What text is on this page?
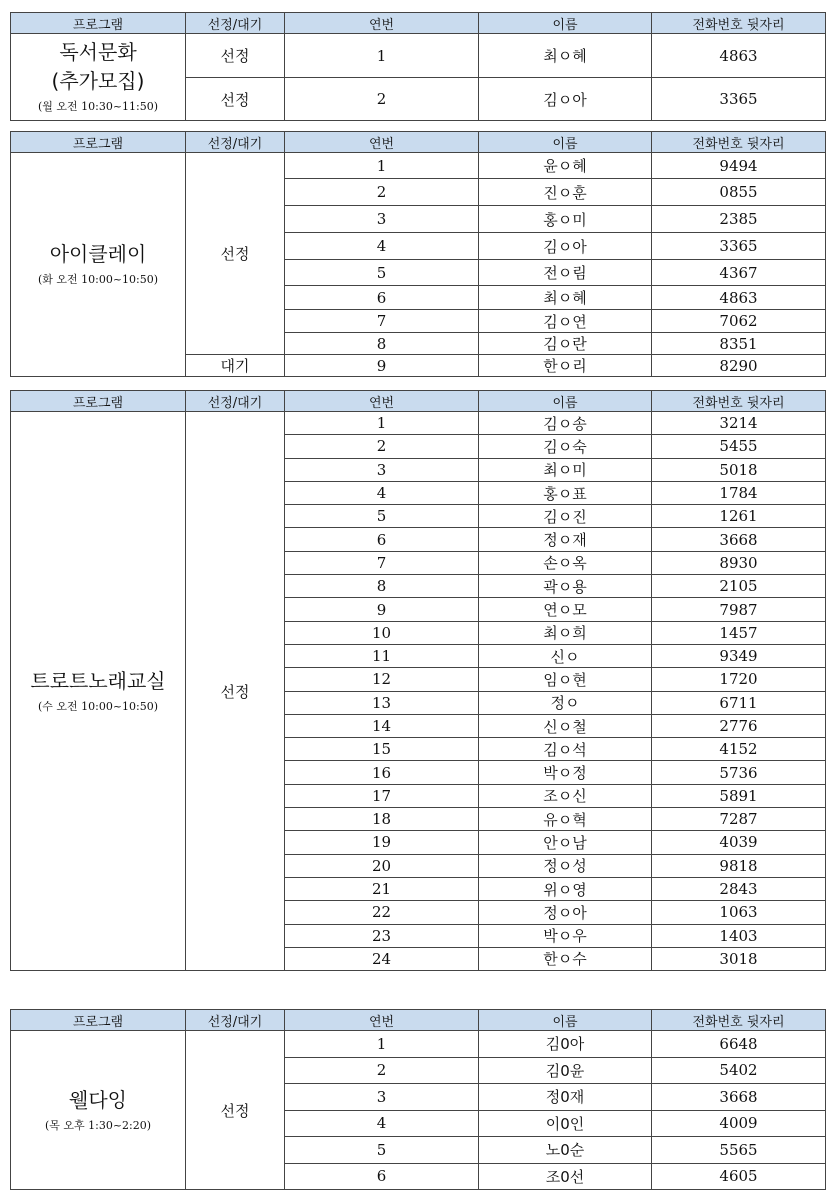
프로그램	선정/대기	연번	이름	전화번호 뒷자리

독서문화
(추가모집)
(월 오전 10:30~11:50)	선정	1	최ㅇ혜	4863
	선정	2	김ㅇ아	3365
프로그램	선정/대기	연번	이름	전화번호 뒷자리

아이클레이
(화 오전 10:00~10:50)	선정	1	윤ㅇ혜	9494
		2	진ㅇ훈	0855
		3	홍ㅇ미	2385
		4	김ㅇ아	3365
		5	전ㅇ림	4367
		6	최ㅇ혜	4863
		7	김ㅇ연	7062
		8	김ㅇ란	8351
	대기	9	한ㅇ리	8290
프로그램	선정/대기	연번	이름	전화번호 뒷자리

트로트노래교실
(수 오전 10:00~10:50)	선정	1	김ㅇ송	3214
		2	김ㅇ숙	5455
		3	최ㅇ미	5018
		4	홍ㅇ표	1784
		5	김ㅇ진	1261
		6	정ㅇ재	3668
		7	손ㅇ옥	8930
		8	곽ㅇ용	2105
		9	연ㅇ모	7987
		10	최ㅇ희	1457
		11	신ㅇ	9349
		12	임ㅇ현	1720
		13	정ㅇ	6711
		14	신ㅇ철	2776
		15	김ㅇ석	4152
		16	박ㅇ정	5736
		17	조ㅇ신	5891
		18	유ㅇ혁	7287
		19	안ㅇ남	4039
		20	정ㅇ성	9818
		21	위ㅇ영	2843
		22	정ㅇ아	1063
		23	박ㅇ우	1403
		24	한ㅇ수	3018
프로그램	선정/대기	연번	이름	전화번호 뒷자리

웰다잉
(목 오후 1:30~2:20)	선정	1	김0아	6648
		2	김0윤	5402
		3	정0재	3668
		4	이0인	4009
		5	노0순	5565
		6	조0선	4605
